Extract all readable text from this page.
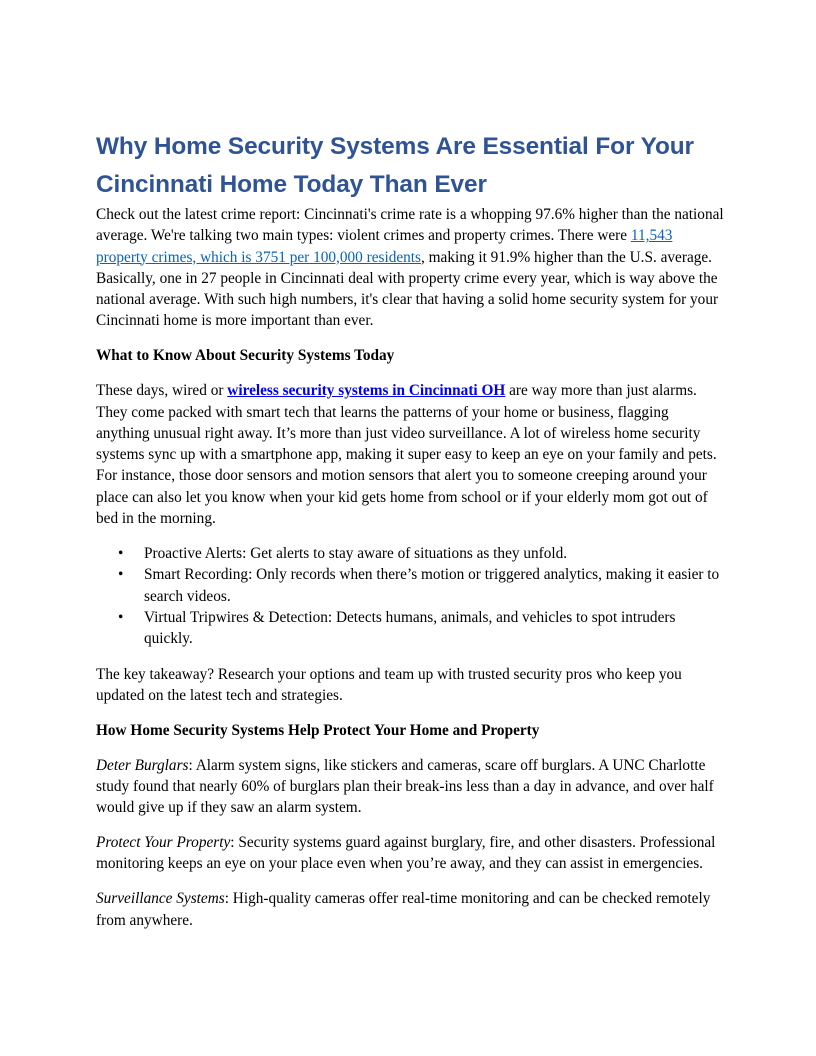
Why Home Security Systems Are Essential For Your
Cincinnati Home Today Than Ever

Check out the latest crime report: Cincinnati's crime rate is a whopping 97.6% higher than the national average. We're talking two main types: violent crimes and property crimes. There were 11,543 property crimes, which is 3751 per 100,000 residents, making it 91.9% higher than the U.S. average. Basically, one in 27 people in Cincinnati deal with property crime every year, which is way above the national average. With such high numbers, it's clear that having a solid home security system for your Cincinnati home is more important than ever.

What to Know About Security Systems Today

These days, wired or wireless security systems in Cincinnati OH are way more than just alarms. They come packed with smart tech that learns the patterns of your home or business, flagging anything unusual right away. It’s more than just video surveillance. A lot of wireless home security systems sync up with a smartphone app, making it super easy to keep an eye on your family and pets. For instance, those door sensors and motion sensors that alert you to someone creeping around your place can also let you know when your kid gets home from school or if your elderly mom got out of bed in the morning.

• Proactive Alerts: Get alerts to stay aware of situations as they unfold.
• Smart Recording: Only records when there’s motion or triggered analytics, making it easier to search videos.
• Virtual Tripwires & Detection: Detects humans, animals, and vehicles to spot intruders quickly.

The key takeaway? Research your options and team up with trusted security pros who keep you updated on the latest tech and strategies.

How Home Security Systems Help Protect Your Home and Property

Deter Burglars: Alarm system signs, like stickers and cameras, scare off burglars. A UNC Charlotte study found that nearly 60% of burglars plan their break-ins less than a day in advance, and over half would give up if they saw an alarm system.

Protect Your Property: Security systems guard against burglary, fire, and other disasters. Professional monitoring keeps an eye on your place even when you’re away, and they can assist in emergencies.

Surveillance Systems: High-quality cameras offer real-time monitoring and can be checked remotely from anywhere.
